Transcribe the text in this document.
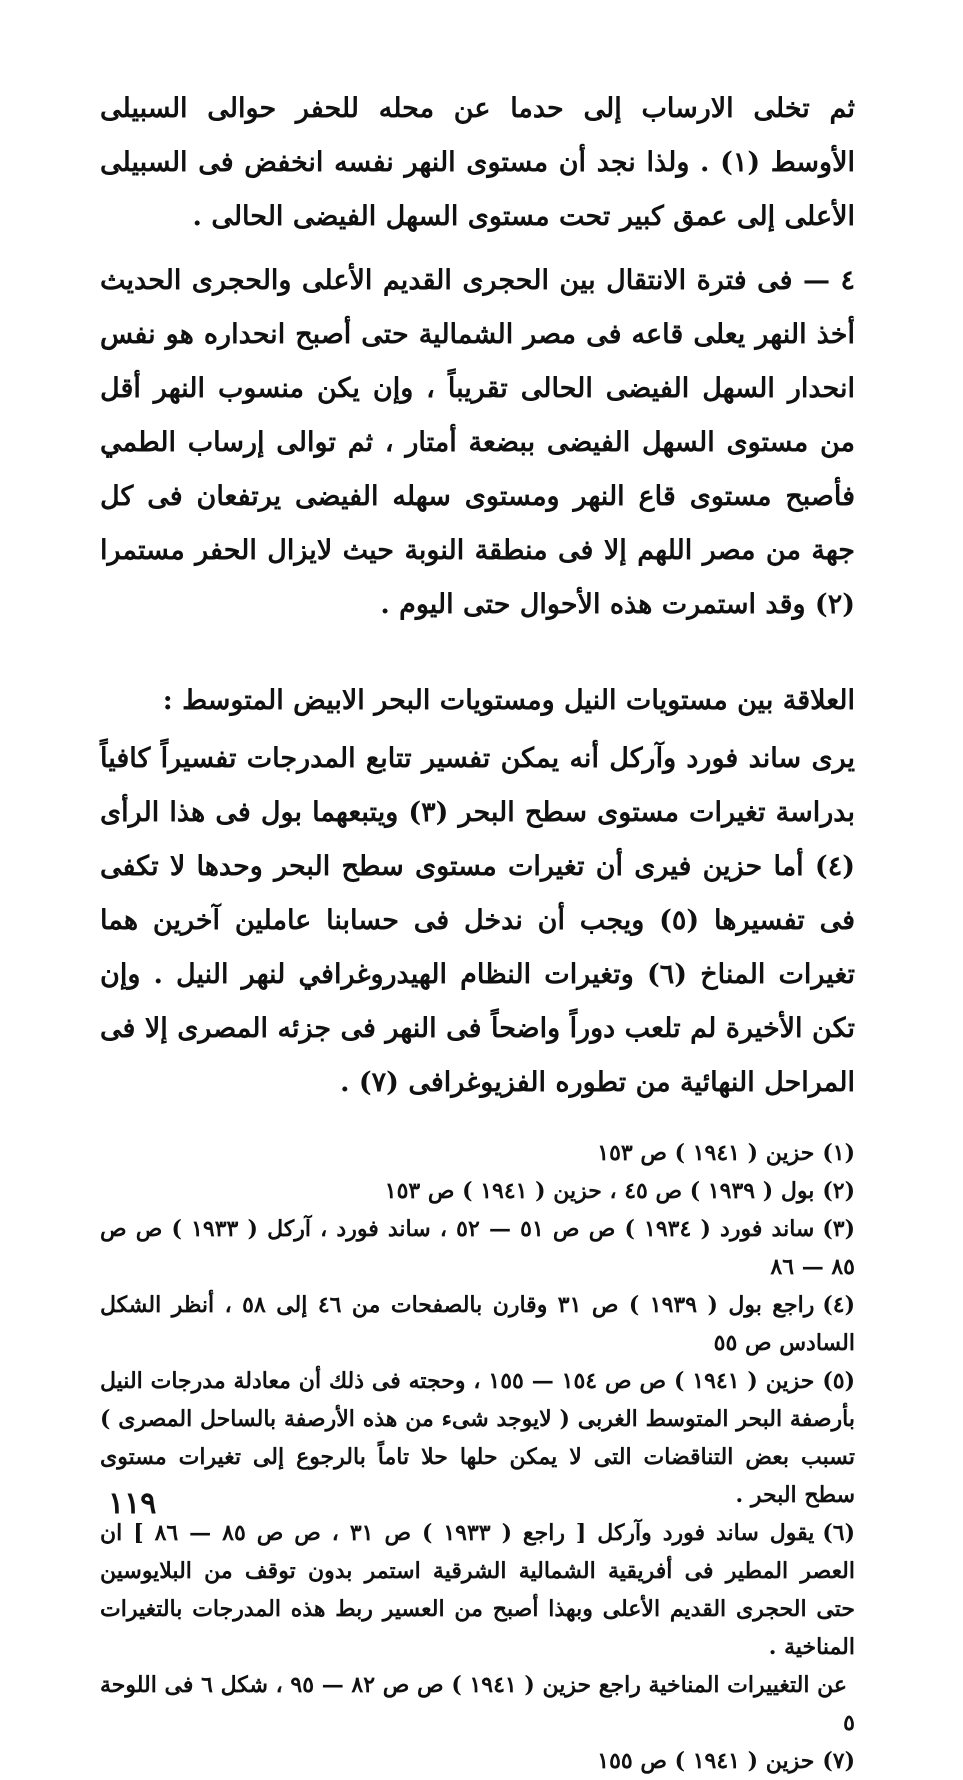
ثم تخلى الارساب إلى حدما عن محله للحفر حوالى السبيلى الأوسط (١) . ولذا نجد أن مستوى النهر نفسه انخفض فى السبيلى الأعلى إلى عمق كبير تحت مستوى السهل الفيضى الحالى .

٤ — فى فترة الانتقال بين الحجرى القديم الأعلى والحجرى الحديث أخذ النهر يعلى قاعه فى مصر الشمالية حتى أصبح انحداره هو نفس انحدار السهل الفيضى الحالى تقريباً ، وإن يكن منسوب النهر أقل من مستوى السهل الفيضى ببضعة أمتار ، ثم توالى إرساب الطمي فأصبح مستوى قاع النهر ومستوى سهله الفيضى يرتفعان فى كل جهة من مصر اللهم إلا فى منطقة النوبة حيث لايزال الحفر مستمرا (٢) وقد استمرت هذه الأحوال حتى اليوم .

العلاقة بين مستويات النيل ومستويات البحر الابيض المتوسط :

يرى ساند فورد وآركل أنه يمكن تفسير تتابع المدرجات تفسيراً كافياً بدراسة تغيرات مستوى سطح البحر (٣) ويتبعهما بول فى هذا الرأى (٤) أما حزين فيرى أن تغيرات مستوى سطح البحر وحدها لا تكفى فى تفسيرها (٥) ويجب أن ندخل فى حسابنا عاملين آخرين هما تغيرات المناخ (٦) وتغيرات النظام الهيدروغرافي لنهر النيل . وإن تكن الأخيرة لم تلعب دوراً واضحاً فى النهر فى جزئه المصرى إلا فى المراحل النهائية من تطوره الفزيوغرافى (٧) .

(١)حزين ( ١٩٤١ ) ص ١٥٣

(٢)بول ( ١٩٣٩ ) ص ٤٥ ، حزين ( ١٩٤١ ) ص ١٥٣

(٣)ساند فورد ( ١٩٣٤ ) ص ص ٥١ — ٥٢ ، ساند فورد ، آركل ( ١٩٣٣ ) ص ص ٨٥ — ٨٦

(٤)راجع بول ( ١٩٣٩ ) ص ٣١ وقارن بالصفحات من ٤٦ إلى ٥٨ ، أنظر الشكل السادس ص ٥٥

(٥)حزين ( ١٩٤١ ) ص ص ١٥٤ — ١٥٥ ، وحجته فى ذلك أن معادلة مدرجات النيل بأرصفة البحر المتوسط الغربى ( لايوجد شىء من هذه الأرصفة بالساحل المصرى ) تسبب بعض التناقضات التى لا يمكن حلها حلا تاماً بالرجوع إلى تغيرات مستوى سطح البحر .

(٦)يقول ساند فورد وآركل [ راجع ( ١٩٣٣ ) ص ٣١ ، ص ص ٨٥ — ٨٦ ] ان العصر المطير فى أفريقية الشمالية الشرقية استمر بدون توقف من البلايوسين حتى الحجرى القديم الأعلى وبهذا أصبح من العسير ربط هذه المدرجات بالتغيرات المناخية .

عن التغييرات المناخية راجع حزين ( ١٩٤١ ) ص ص ٨٢ — ٩٥ ، شكل ٦ فى اللوحة ٥

(٧)حزين ( ١٩٤١ ) ص ١٥٥

١١٩
